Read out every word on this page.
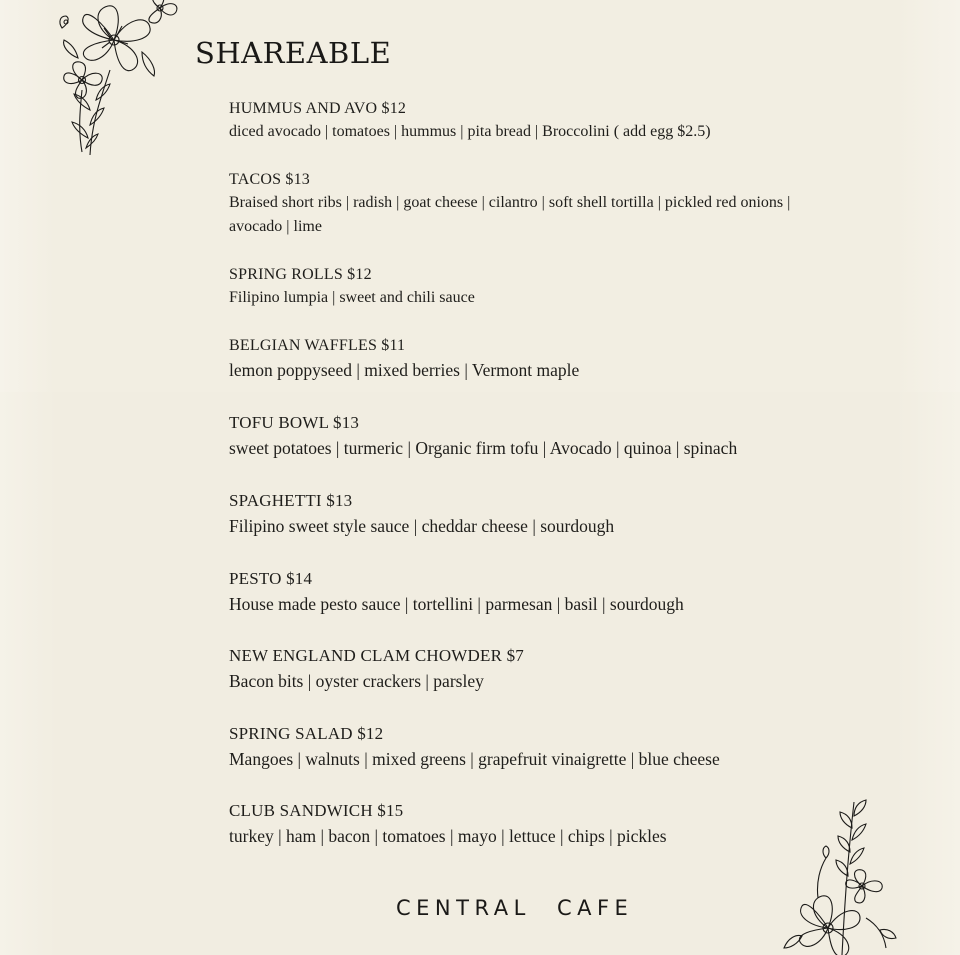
SHAREABLE
HUMMUS AND AVO $12
diced avocado | tomatoes | hummus | pita bread | Broccolini ( add egg $2.5)
TACOS $13
Braised short ribs | radish | goat cheese | cilantro | soft shell tortilla | pickled red onions | avocado | lime
SPRING ROLLS $12
Filipino lumpia | sweet and chili sauce
BELGIAN WAFFLES $11
lemon poppyseed | mixed berries | Vermont maple
TOFU BOWL $13
sweet potatoes | turmeric | Organic firm tofu | Avocado | quinoa | spinach
SPAGHETTI $13
Filipino sweet style sauce | cheddar cheese | sourdough
PESTO $14
House made pesto sauce | tortellini | parmesan | basil | sourdough
NEW ENGLAND CLAM CHOWDER $7
Bacon bits | oyster crackers | parsley
SPRING SALAD $12
Mangoes | walnuts | mixed greens | grapefruit vinaigrette | blue cheese
CLUB SANDWICH $15
turkey | ham | bacon | tomatoes | mayo | lettuce | chips | pickles
CENTRAL CAFE
